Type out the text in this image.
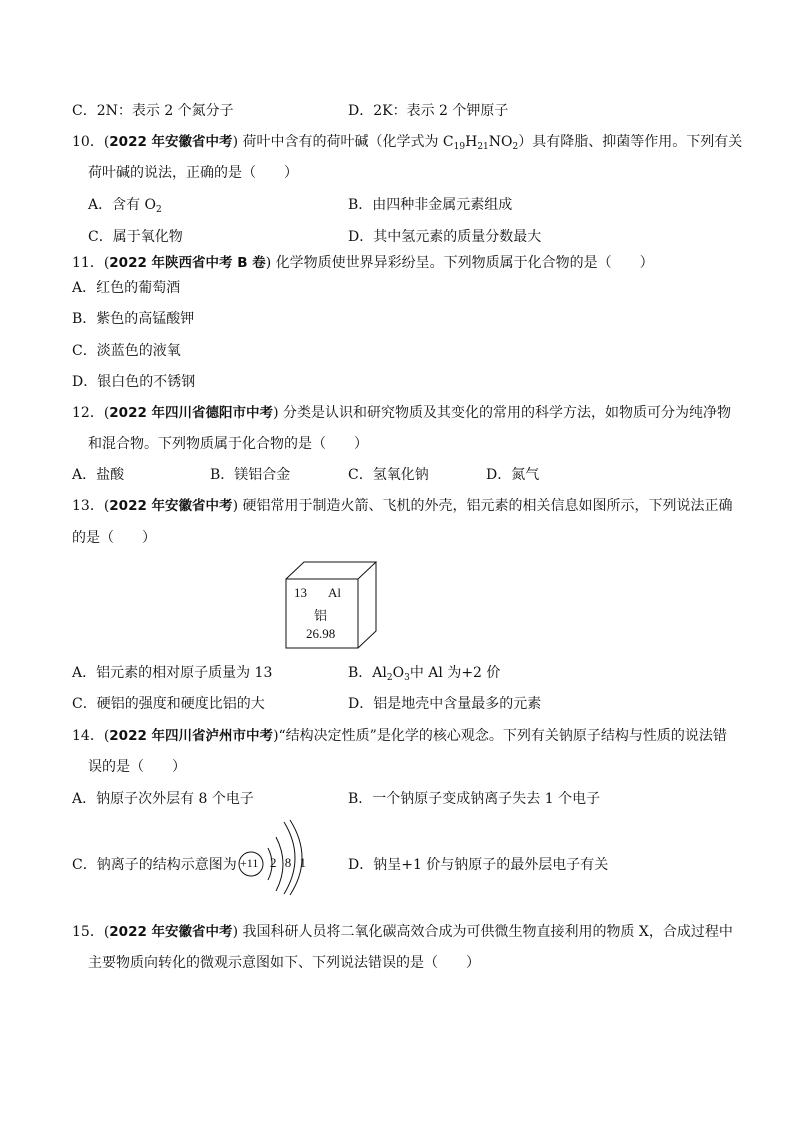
C．2N：表示 2 个氮分子	D．2K：表示 2 个钾原子
10．(2022 年安徽省中考) 荷叶中含有的荷叶碱（化学式为 $C_{19}H_{21}NO_2$）具有降脂、抑菌等作用。下列有关
荷叶碱的说法，正确的是（　　）
A．含有 $O_2$	B．由四种非金属元素组成
C．属于氧化物	D．其中氢元素的质量分数最大
11．(2022 年陕西省中考 B 卷) 化学物质使世界异彩纷呈。下列物质属于化合物的是（　　）
A．红色的葡萄酒
B．紫色的高锰酸钾
C．淡蓝色的液氧
D．银白色的不锈钢
12．(2022 年四川省德阳市中考) 分类是认识和研究物质及其变化的常用的科学方法，如物质可分为纯净物
和混合物。下列物质属于化合物的是（　　）
A．盐酸	B．镁铝合金	C．氢氧化钠	D．氮气
13．(2022 年安徽省中考) 硬铝常用于制造火箭、飞机的外壳，铝元素的相关信息如图所示，下列说法正确
的是（　　）
13 Al
铝
26.98
A．铝元素的相对原子质量为 13	B．$Al_2O_3$中 Al 为+2 价
C．硬铝的强度和硬度比铝的大	D．铝是地壳中含量最多的元素
14．(2022 年四川省泸州市中考)“结构决定性质”是化学的核心观念。下列有关钠原子结构与性质的说法错
误的是（　　）
A．钠原子次外层有 8 个电子	B．一个钠原子变成钠离子失去 1 个电子
C．钠离子的结构示意图为 +11 2 8 1	D．钠呈+1 价与钠原子的最外层电子有关
15．(2022 年安徽省中考) 我国科研人员将二氧化碳高效合成为可供微生物直接利用的物质 X，合成过程中
主要物质向转化的微观示意图如下、下列说法错误的是（　　）
